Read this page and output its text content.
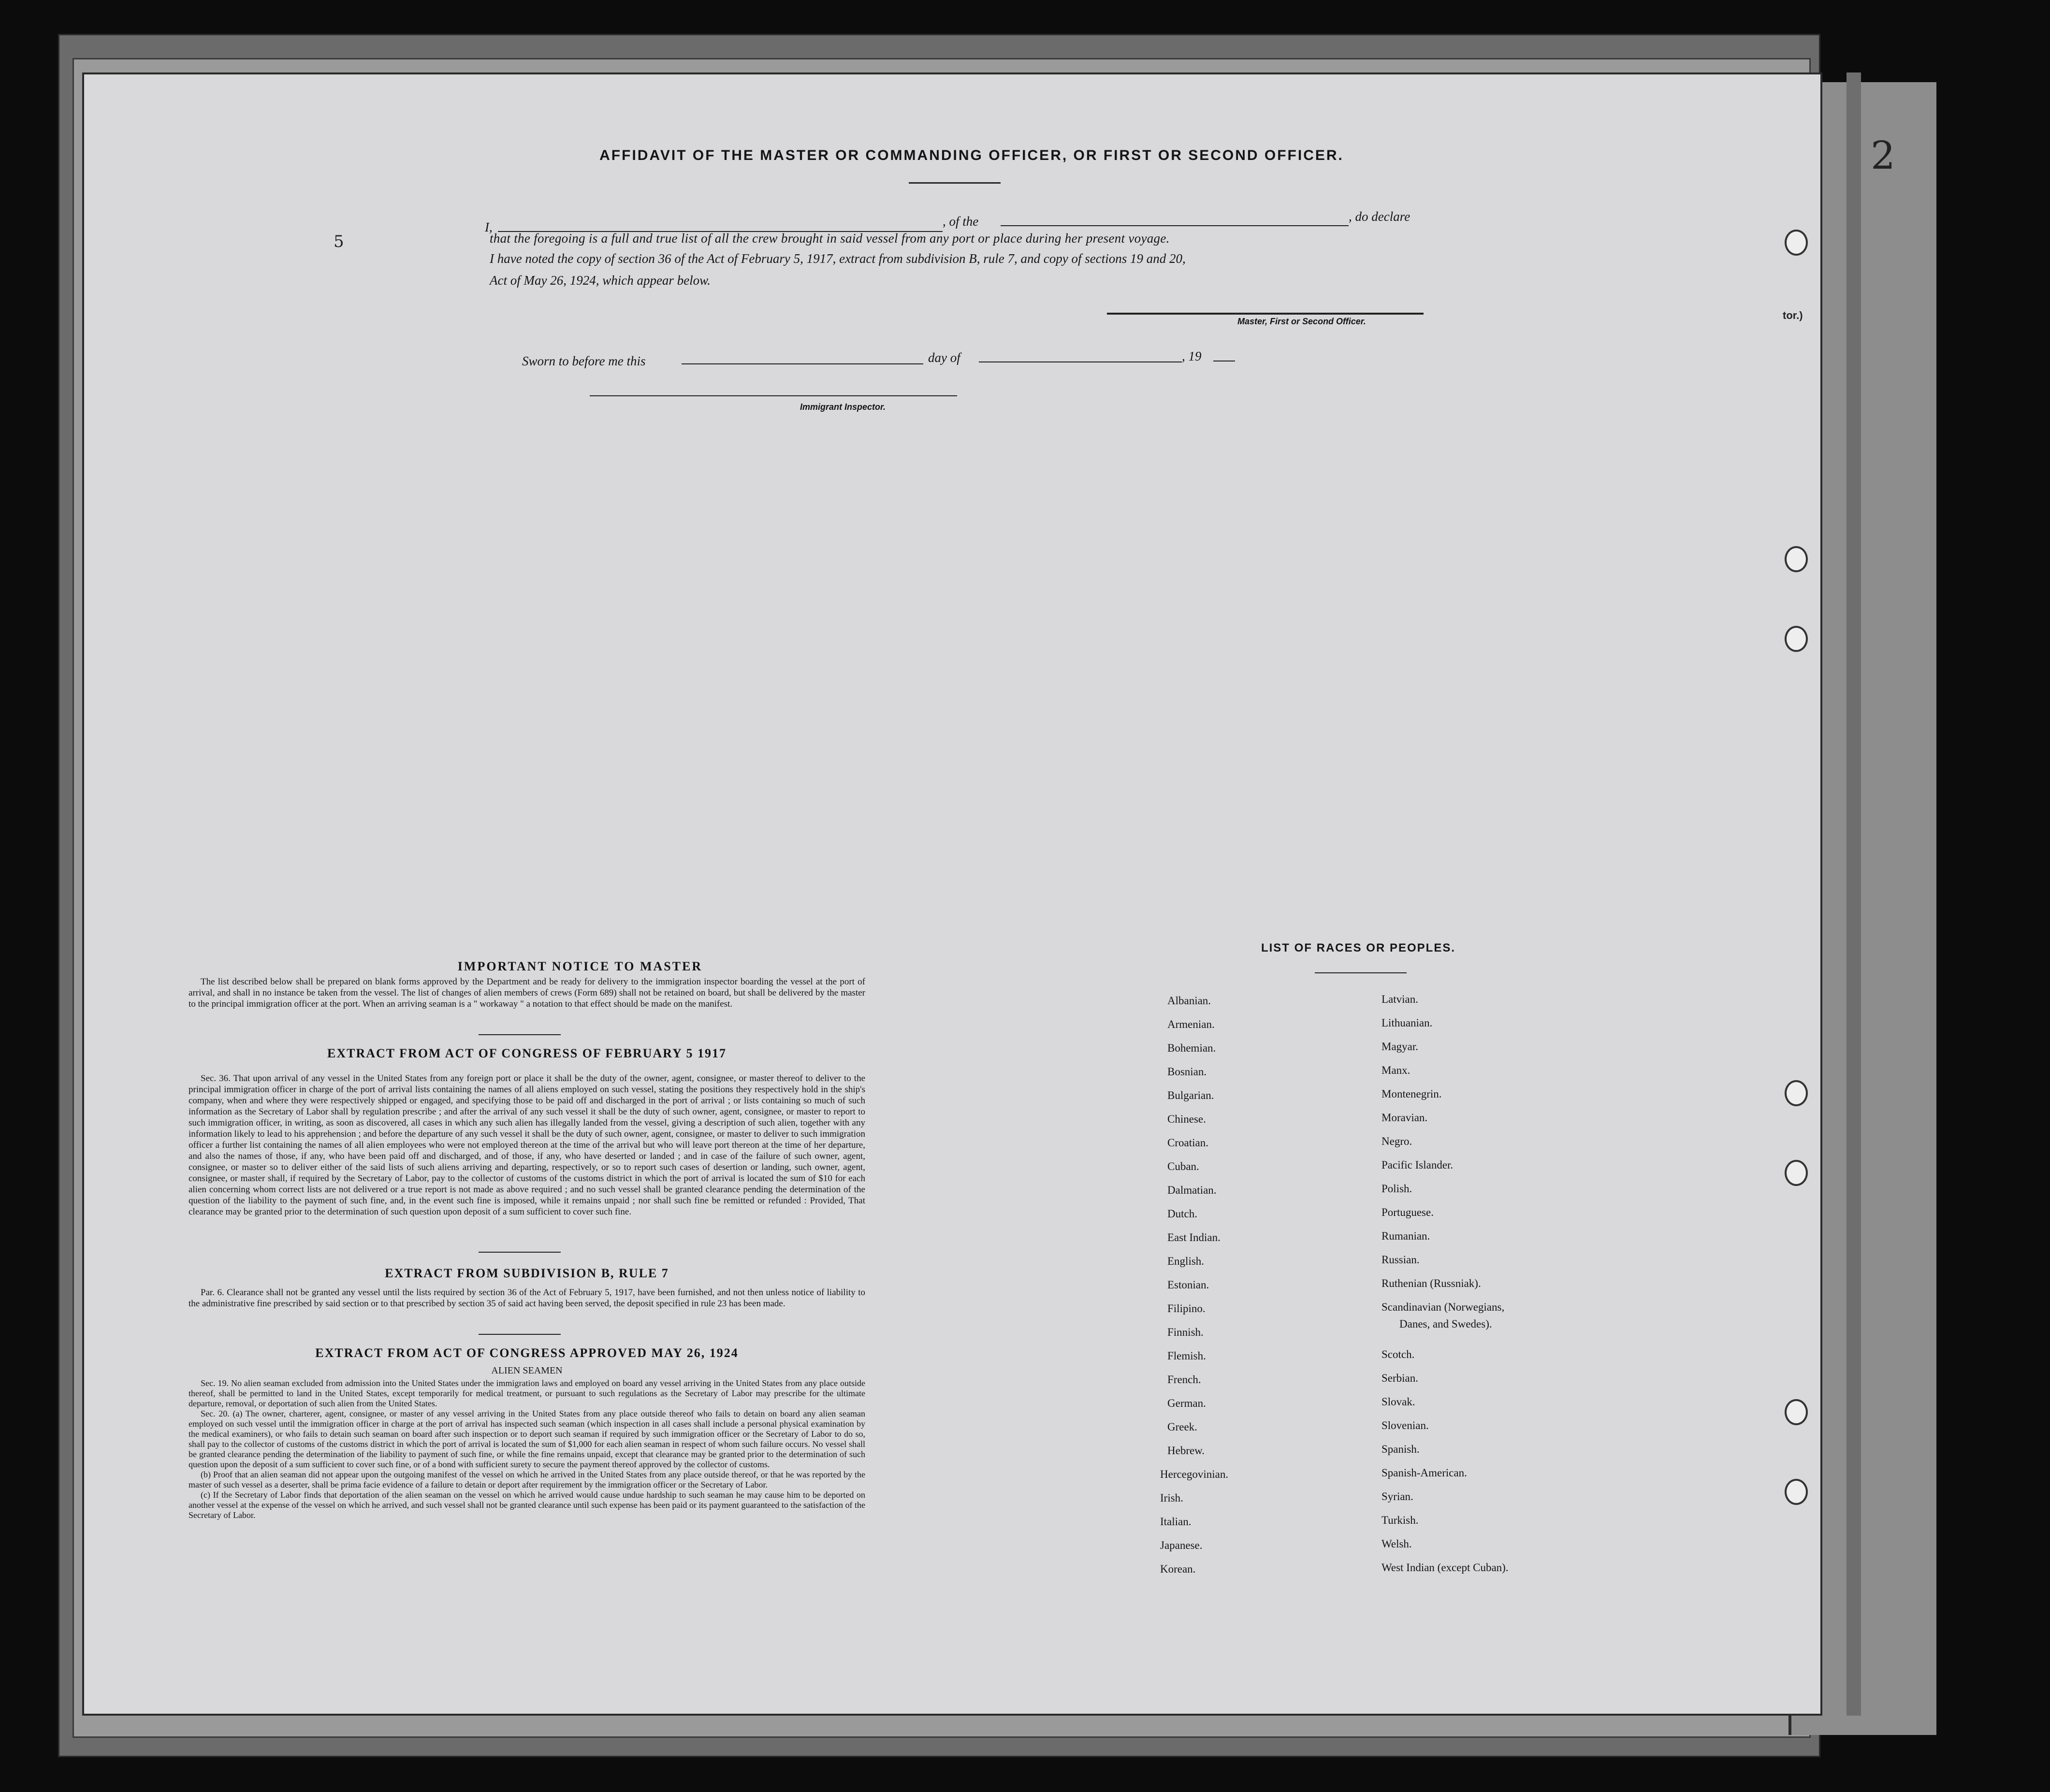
2
5
tor.)
AFFIDAVIT OF THE MASTER OR COMMANDING OFFICER, OR FIRST OR SECOND OFFICER.
I,	, of the	, do declare
that the foregoing is a full and true list of all the crew brought in said vessel from any port or place during her present voyage.
I have noted the copy of section 36 of the Act of February 5, 1917, extract from subdivision B, rule 7, and copy of sections 19 and 20,
Act of May 26, 1924, which appear below.
Master, First or Second Officer.
Sworn to before me this	day of	, 19
Immigrant Inspector.
IMPORTANT NOTICE TO MASTER

The list described below shall be prepared on blank forms approved by the Department and be ready for delivery to the immigration inspector boarding the vessel at the port of arrival, and shall in no instance be taken from the vessel. The list of changes of alien members of crews (Form 689) shall not be retained on board, but shall be delivered by the master to the principal immigration officer at the port. When an arriving seaman is a " workaway " a notation to that effect should be made on the manifest.

EXTRACT FROM ACT OF CONGRESS OF FEBRUARY 5 1917

Sec. 36. That upon arrival of any vessel in the United States from any foreign port or place it shall be the duty of the owner, agent, consignee, or master thereof to deliver to the principal immigration officer in charge of the port of arrival lists containing the names of all aliens employed on such vessel, stating the positions they respectively hold in the ship's company, when and where they were respectively shipped or engaged, and specifying those to be paid off and discharged in the port of arrival ; or lists containing so much of such information as the Secretary of Labor shall by regulation prescribe ; and after the arrival of any such vessel it shall be the duty of such owner, agent, consignee, or master to report to such immigration officer, in writing, as soon as discovered, all cases in which any such alien has illegally landed from the vessel, giving a description of such alien, together with any information likely to lead to his apprehension ; and before the departure of any such vessel it shall be the duty of such owner, agent, consignee, or master to deliver to such immigration officer a further list containing the names of all alien employees who were not employed thereon at the time of the arrival but who will leave port thereon at the time of her departure, and also the names of those, if any, who have been paid off and discharged, and of those, if any, who have deserted or landed ; and in case of the failure of such owner, agent, consignee, or master so to deliver either of the said lists of such aliens arriving and departing, respectively, or so to report such cases of desertion or landing, such owner, agent, consignee, or master shall, if required by the Secretary of Labor, pay to the collector of customs of the customs district in which the port of arrival is located the sum of $10 for each alien concerning whom correct lists are not delivered or a true report is not made as above required ; and no such vessel shall be granted clearance pending the determination of the question of the liability to the payment of such fine, and, in the event such fine is imposed, while it remains unpaid ; nor shall such fine be remitted or refunded : Provided, That clearance may be granted prior to the determination of such question upon deposit of a sum sufficient to cover such fine.

EXTRACT FROM SUBDIVISION B, RULE 7

Par. 6. Clearance shall not be granted any vessel until the lists required by section 36 of the Act of February 5, 1917, have been furnished, and not then unless notice of liability to the administrative fine prescribed by said section or to that prescribed by section 35 of said act having been served, the deposit specified in rule 23 has been made.

EXTRACT FROM ACT OF CONGRESS APPROVED MAY 26, 1924
ALIEN SEAMEN

Sec. 19. No alien seaman excluded from admission into the United States under the immigration laws and employed on board any vessel arriving in the United States from any place outside thereof, shall be permitted to land in the United States, except temporarily for medical treatment, or pursuant to such regulations as the Secretary of Labor may prescribe for the ultimate departure, removal, or deportation of such alien from the United States.

Sec. 20. (a) The owner, charterer, agent, consignee, or master of any vessel arriving in the United States from any place outside thereof who fails to detain on board any alien seaman employed on such vessel until the immigration officer in charge at the port of arrival has inspected such seaman (which inspection in all cases shall include a personal physical examination by the medical examiners), or who fails to detain such seaman on board after such inspection or to deport such seaman if required by such immigration officer or the Secretary of Labor to do so, shall pay to the collector of customs of the customs district in which the port of arrival is located the sum of $1,000 for each alien seaman in respect of whom such failure occurs. No vessel shall be granted clearance pending the determination of the liability to payment of such fine, or while the fine remains unpaid, except that clearance may be granted prior to the determination of such question upon the deposit of a sum sufficient to cover such fine, or of a bond with sufficient surety to secure the payment thereof approved by the collector of customs.

(b) Proof that an alien seaman did not appear upon the outgoing manifest of the vessel on which he arrived in the United States from any place outside thereof, or that he was reported by the master of such vessel as a deserter, shall be prima facie evidence of a failure to detain or deport after requirement by the immigration officer or the Secretary of Labor.

(c) If the Secretary of Labor finds that deportation of the alien seaman on the vessel on which he arrived would cause undue hardship to such seaman he may cause him to be deported on another vessel at the expense of the vessel on which he arrived, and such vessel shall not be granted clearance until such expense has been paid or its payment guaranteed to the satisfaction of the Secretary of Labor.

LIST OF RACES OR PEOPLES.
Albanian.
Armenian.
Bohemian.
Bosnian.
Bulgarian.
Chinese.
Croatian.
Cuban.
Dalmatian.
Dutch.
East Indian.
English.
Estonian.
Filipino.
Finnish.
Flemish.
French.
German.
Greek.
Hebrew.
Hercegovinian.
Irish.
Italian.
Japanese.
Korean.
Latvian.
Lithuanian.
Magyar.
Manx.
Montenegrin.
Moravian.
Negro.
Pacific Islander.
Polish.
Portuguese.
Rumanian.
Russian.
Ruthenian (Russniak).
Scandinavian (Norwegians,
Danes, and Swedes).
Scotch.
Serbian.
Slovak.
Slovenian.
Spanish.
Spanish-American.
Syrian.
Turkish.
Welsh.
West Indian (except Cuban).
